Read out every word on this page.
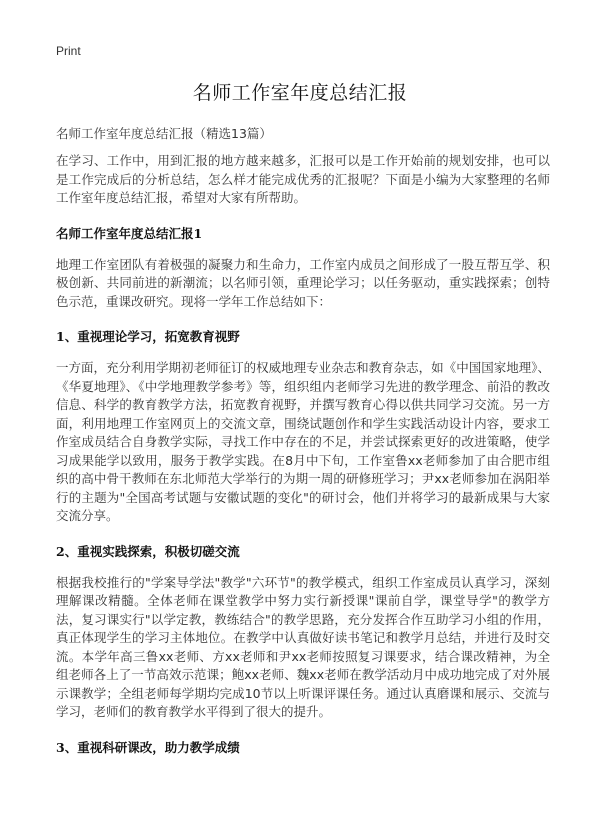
Print
名师工作室年度总结汇报
名师工作室年度总结汇报（精选13篇）

在学习、工作中，用到汇报的地方越来越多，汇报可以是工作开始前的规划安排，也可以是工作完成后的分析总结，怎么样才能完成优秀的汇报呢？下面是小编为大家整理的名师工作室年度总结汇报，希望对大家有所帮助。

名师工作室年度总结汇报1

地理工作室团队有着极强的凝聚力和生命力，工作室内成员之间形成了一股互帮互学、积极创新、共同前进的新潮流；以名师引领，重理论学习；以任务驱动，重实践探索；创特色示范，重课改研究。现将一学年工作总结如下：

1、重视理论学习，拓宽教育视野

一方面，充分利用学期初老师征订的权威地理专业杂志和教育杂志，如《中国国家地理》、《华夏地理》、《中学地理教学参考》等，组织组内老师学习先进的教学理念、前沿的教改信息、科学的教育教学方法，拓宽教育视野，并撰写教育心得以供共同学习交流。另一方面，利用地理工作室网页上的交流文章，围绕试题创作和学生实践活动设计内容，要求工作室成员结合自身教学实际，寻找工作中存在的不足，并尝试探索更好的改进策略，使学习成果能学以致用，服务于教学实践。在8月中下旬，工作室鲁xx老师参加了由合肥市组织的高中骨干教师在东北师范大学举行的为期一周的研修班学习；尹xx老师参加在涡阳举行的主题为"全国高考试题与安徽试题的变化"的研讨会，他们并将学习的最新成果与大家交流分享。

2、重视实践探索，积极切磋交流

根据我校推行的"学案导学法"教学"六环节"的教学模式，组织工作室成员认真学习，深刻理解课改精髓。全体老师在课堂教学中努力实行新授课"课前自学，课堂导学"的教学方法，复习课实行"以学定教，教练结合"的教学思路，充分发挥合作互助学习小组的作用，真正体现学生的学习主体地位。在教学中认真做好读书笔记和教学月总结，并进行及时交流。本学年高三鲁xx老师、方xx老师和尹xx老师按照复习课要求，结合课改精神，为全组老师各上了一节高效示范课；鲍xx老师、魏xx老师在教学活动月中成功地完成了对外展示课教学；全组老师每学期均完成10节以上听课评课任务。通过认真磨课和展示、交流与学习，老师们的教育教学水平得到了很大的提升。

3、重视科研课改，助力教学成绩
